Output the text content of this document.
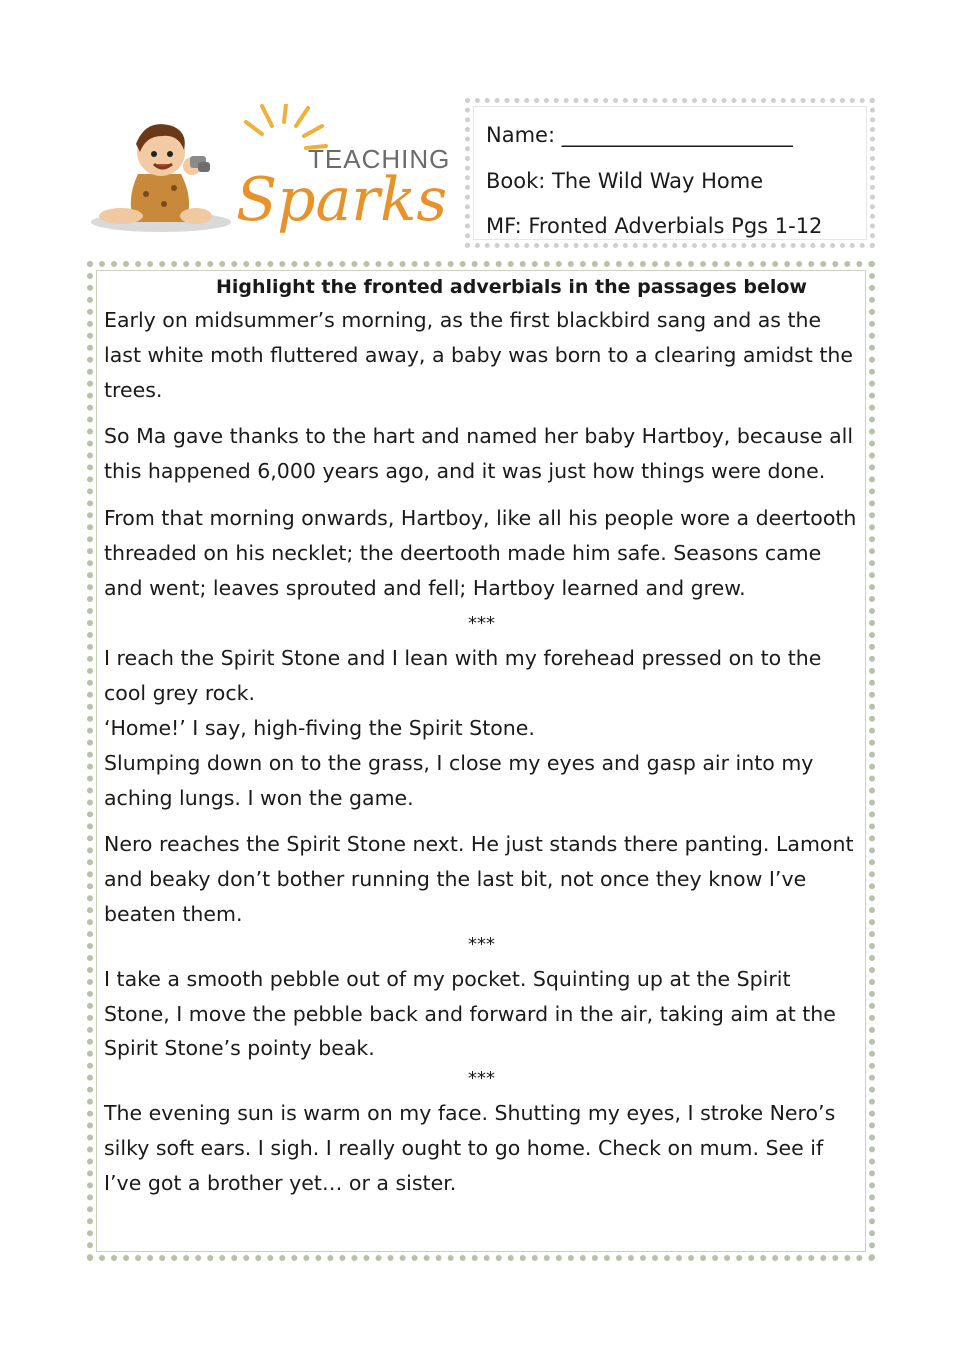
TEACHING
Sparks
Name: ______________________
Book: The Wild Way Home
MF: Fronted Adverbials Pgs 1-12
Highlight the fronted adverbials in the passages below

Early on midsummer’s morning, as the first blackbird sang and as the last white moth fluttered away, a baby was born to a clearing amidst the trees.

So Ma gave thanks to the hart and named her baby Hartboy, because all this happened 6,000 years ago, and it was just how things were done.

From that morning onwards, Hartboy, like all his people wore a deertooth threaded on his necklet; the deertooth made him safe. Seasons came and went; leaves sprouted and fell; Hartboy learned and grew.

***

I reach the Spirit Stone and I lean with my forehead pressed on to the cool grey rock.

‘Home!’ I say, high-fiving the Spirit Stone.

Slumping down on to the grass, I close my eyes and gasp air into my aching lungs. I won the game.

Nero reaches the Spirit Stone next. He just stands there panting. Lamont and beaky don’t bother running the last bit, not once they know I’ve beaten them.

***

I take a smooth pebble out of my pocket. Squinting up at the Spirit Stone, I move the pebble back and forward in the air, taking aim at the Spirit Stone’s pointy beak.

***

The evening sun is warm on my face. Shutting my eyes, I stroke Nero’s silky soft ears. I sigh. I really ought to go home. Check on mum. See if I’ve got a brother yet… or a sister.
